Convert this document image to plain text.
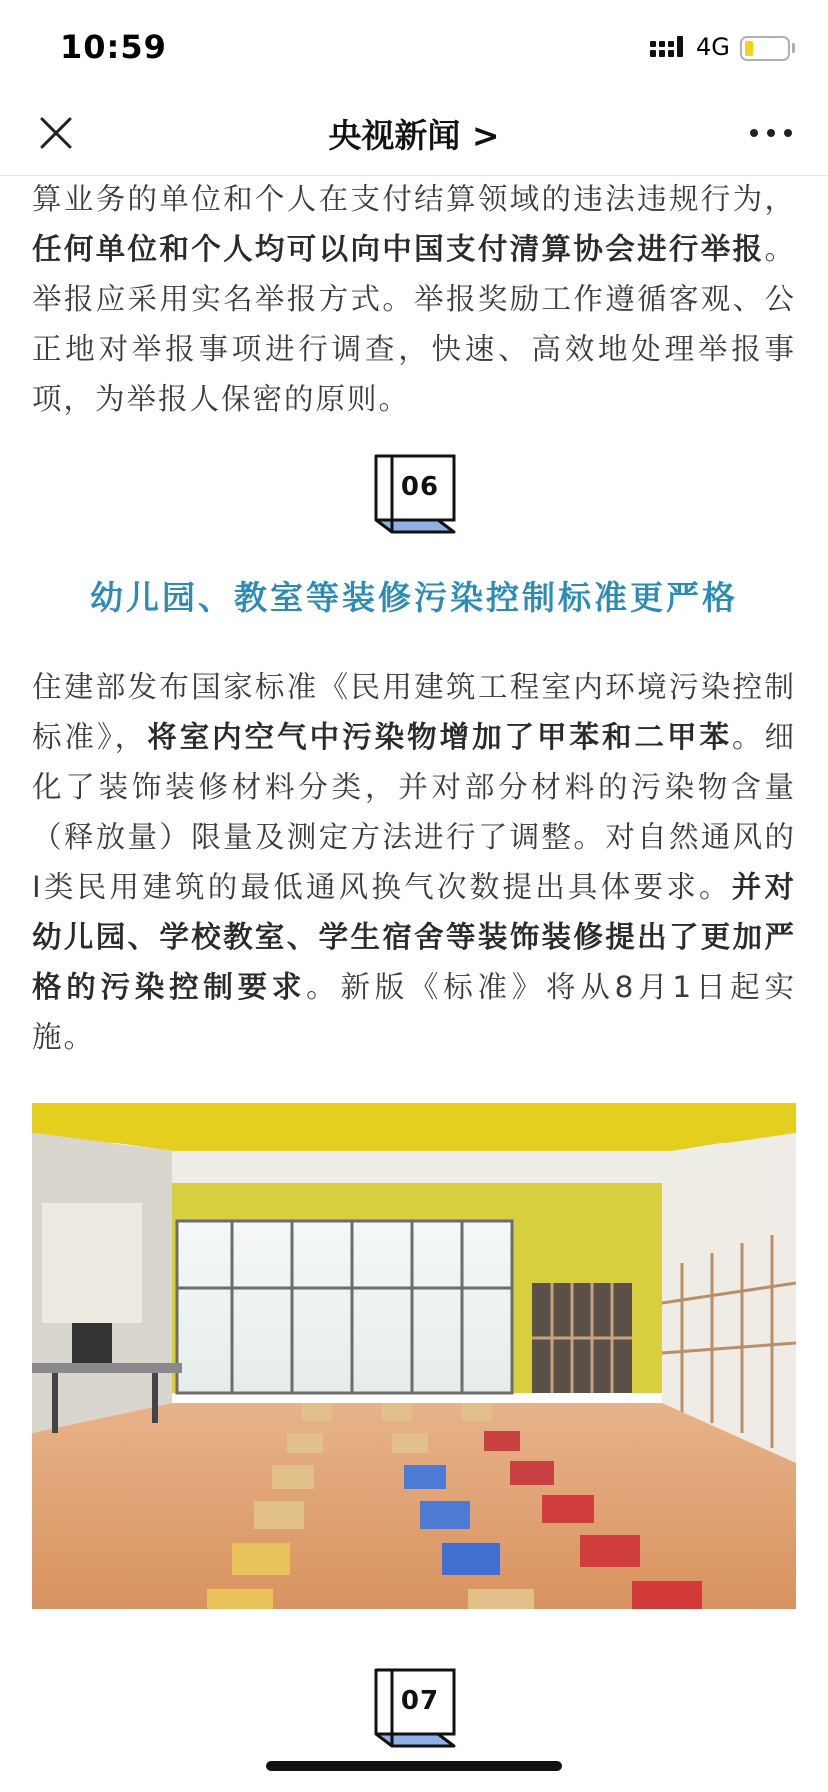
10:59	4G
央视新闻 >

算业务的单位和个人在支付结算领域的违法违规行为，任何单位和个人均可以向中国支付清算协会进行举报。举报应采用实名举报方式。举报奖励工作遵循客观、公正地对举报事项进行调查，快速、高效地处理举报事项，为举报人保密的原则。

06
幼儿园、教室等装修污染控制标准更严格

住建部发布国家标准《民用建筑工程室内环境污染控制标准》，将室内空气中污染物增加了甲苯和二甲苯。细化了装饰装修材料分类，并对部分材料的污染物含量（释放量）限量及测定方法进行了调整。对自然通风的Ⅰ类民用建筑的最低通风换气次数提出具体要求。并对幼儿园、学校教室、学生宿舍等装饰装修提出了更加严格的污染控制要求。新版《标准》将从8月1日起实施。

07
